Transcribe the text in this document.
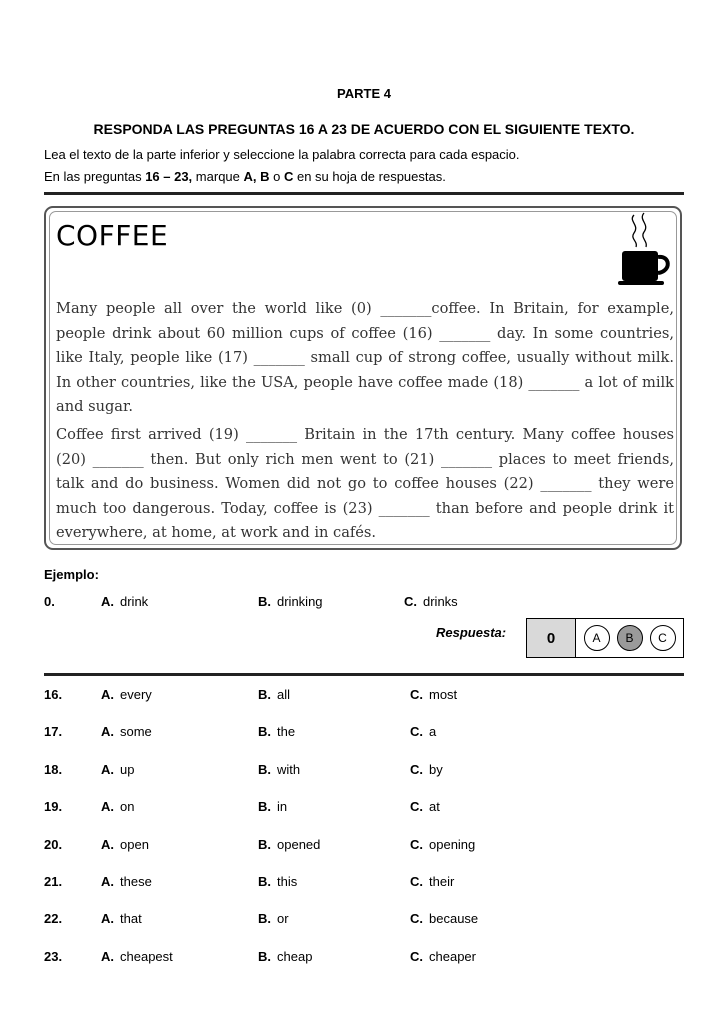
PARTE 4
RESPONDA LAS PREGUNTAS 16 A 23 DE ACUERDO CON EL SIGUIENTE TEXTO.
Lea el texto de la parte inferior y seleccione la palabra correcta para cada espacio.
En las preguntas 16 – 23, marque A, B o C en su hoja de respuestas.
COFFEE
Many people all over the world like (0) _______coffee. In Britain, for example, people drink about 60 million cups of coffee (16) _______ day. In some countries, like Italy, people like (17) _______ small cup of strong coffee, usually without milk. In other countries, like the USA, people have coffee made (18) _______ a lot of milk and sugar.
Coffee first arrived (19) _______ Britain in the 17th century. Many coffee houses (20) _______ then. But only rich men went to (21) _______ places to meet friends, talk and do business. Women did not go to coffee houses (22) _______ they were much too dangerous. Today, coffee is (23) _______ than before and people drink it everywhere, at home, at work and in cafés.
Ejemplo:
0.	A. drink	B. drinking	C. drinks
Respuesta:	0	A	B	C
16.	A. every	B. all	C. most
17.	A. some	B. the	C. a
18.	A. up	B. with	C. by
19.	A. on	B. in	C. at
20.	A. open	B. opened	C. opening
21.	A. these	B. this	C. their
22.	A. that	B. or	C. because
23.	A. cheapest	B. cheap	C. cheaper
